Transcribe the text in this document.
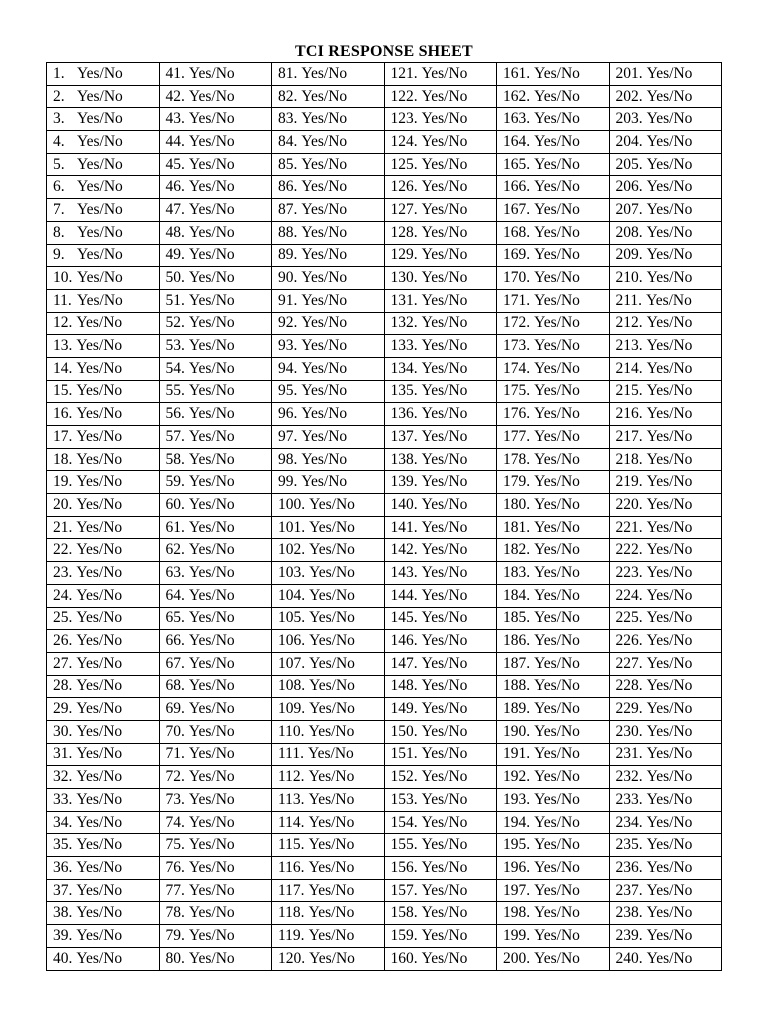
TCI RESPONSE SHEET
1. Yes/No	41. Yes/No	81. Yes/No	121. Yes/No	161. Yes/No	201. Yes/No
2. Yes/No	42. Yes/No	82. Yes/No	122. Yes/No	162. Yes/No	202. Yes/No
3. Yes/No	43. Yes/No	83. Yes/No	123. Yes/No	163. Yes/No	203. Yes/No
4. Yes/No	44. Yes/No	84. Yes/No	124. Yes/No	164. Yes/No	204. Yes/No
5. Yes/No	45. Yes/No	85. Yes/No	125. Yes/No	165. Yes/No	205. Yes/No
6. Yes/No	46. Yes/No	86. Yes/No	126. Yes/No	166. Yes/No	206. Yes/No
7. Yes/No	47. Yes/No	87. Yes/No	127. Yes/No	167. Yes/No	207. Yes/No
8. Yes/No	48. Yes/No	88. Yes/No	128. Yes/No	168. Yes/No	208. Yes/No
9. Yes/No	49. Yes/No	89. Yes/No	129. Yes/No	169. Yes/No	209. Yes/No
10. Yes/No	50. Yes/No	90. Yes/No	130. Yes/No	170. Yes/No	210. Yes/No
11. Yes/No	51. Yes/No	91. Yes/No	131. Yes/No	171. Yes/No	211. Yes/No
12. Yes/No	52. Yes/No	92. Yes/No	132. Yes/No	172. Yes/No	212. Yes/No
13. Yes/No	53. Yes/No	93. Yes/No	133. Yes/No	173. Yes/No	213. Yes/No
14. Yes/No	54. Yes/No	94. Yes/No	134. Yes/No	174. Yes/No	214. Yes/No
15. Yes/No	55. Yes/No	95. Yes/No	135. Yes/No	175. Yes/No	215. Yes/No
16. Yes/No	56. Yes/No	96. Yes/No	136. Yes/No	176. Yes/No	216. Yes/No
17. Yes/No	57. Yes/No	97. Yes/No	137. Yes/No	177. Yes/No	217. Yes/No
18. Yes/No	58. Yes/No	98. Yes/No	138. Yes/No	178. Yes/No	218. Yes/No
19. Yes/No	59. Yes/No	99. Yes/No	139. Yes/No	179. Yes/No	219. Yes/No
20. Yes/No	60. Yes/No	100. Yes/No	140. Yes/No	180. Yes/No	220. Yes/No
21. Yes/No	61. Yes/No	101. Yes/No	141. Yes/No	181. Yes/No	221. Yes/No
22. Yes/No	62. Yes/No	102. Yes/No	142. Yes/No	182. Yes/No	222. Yes/No
23. Yes/No	63. Yes/No	103. Yes/No	143. Yes/No	183. Yes/No	223. Yes/No
24. Yes/No	64. Yes/No	104. Yes/No	144. Yes/No	184. Yes/No	224. Yes/No
25. Yes/No	65. Yes/No	105. Yes/No	145. Yes/No	185. Yes/No	225. Yes/No
26. Yes/No	66. Yes/No	106. Yes/No	146. Yes/No	186. Yes/No	226. Yes/No
27. Yes/No	67. Yes/No	107. Yes/No	147. Yes/No	187. Yes/No	227. Yes/No
28. Yes/No	68. Yes/No	108. Yes/No	148. Yes/No	188. Yes/No	228. Yes/No
29. Yes/No	69. Yes/No	109. Yes/No	149. Yes/No	189. Yes/No	229. Yes/No
30. Yes/No	70. Yes/No	110. Yes/No	150. Yes/No	190. Yes/No	230. Yes/No
31. Yes/No	71. Yes/No	111. Yes/No	151. Yes/No	191. Yes/No	231. Yes/No
32. Yes/No	72. Yes/No	112. Yes/No	152. Yes/No	192. Yes/No	232. Yes/No
33. Yes/No	73. Yes/No	113. Yes/No	153. Yes/No	193. Yes/No	233. Yes/No
34. Yes/No	74. Yes/No	114. Yes/No	154. Yes/No	194. Yes/No	234. Yes/No
35. Yes/No	75. Yes/No	115. Yes/No	155. Yes/No	195. Yes/No	235. Yes/No
36. Yes/No	76. Yes/No	116. Yes/No	156. Yes/No	196. Yes/No	236. Yes/No
37. Yes/No	77. Yes/No	117. Yes/No	157. Yes/No	197. Yes/No	237. Yes/No
38. Yes/No	78. Yes/No	118. Yes/No	158. Yes/No	198. Yes/No	238. Yes/No
39. Yes/No	79. Yes/No	119. Yes/No	159. Yes/No	199. Yes/No	239. Yes/No
40. Yes/No	80. Yes/No	120. Yes/No	160. Yes/No	200. Yes/No	240. Yes/No
